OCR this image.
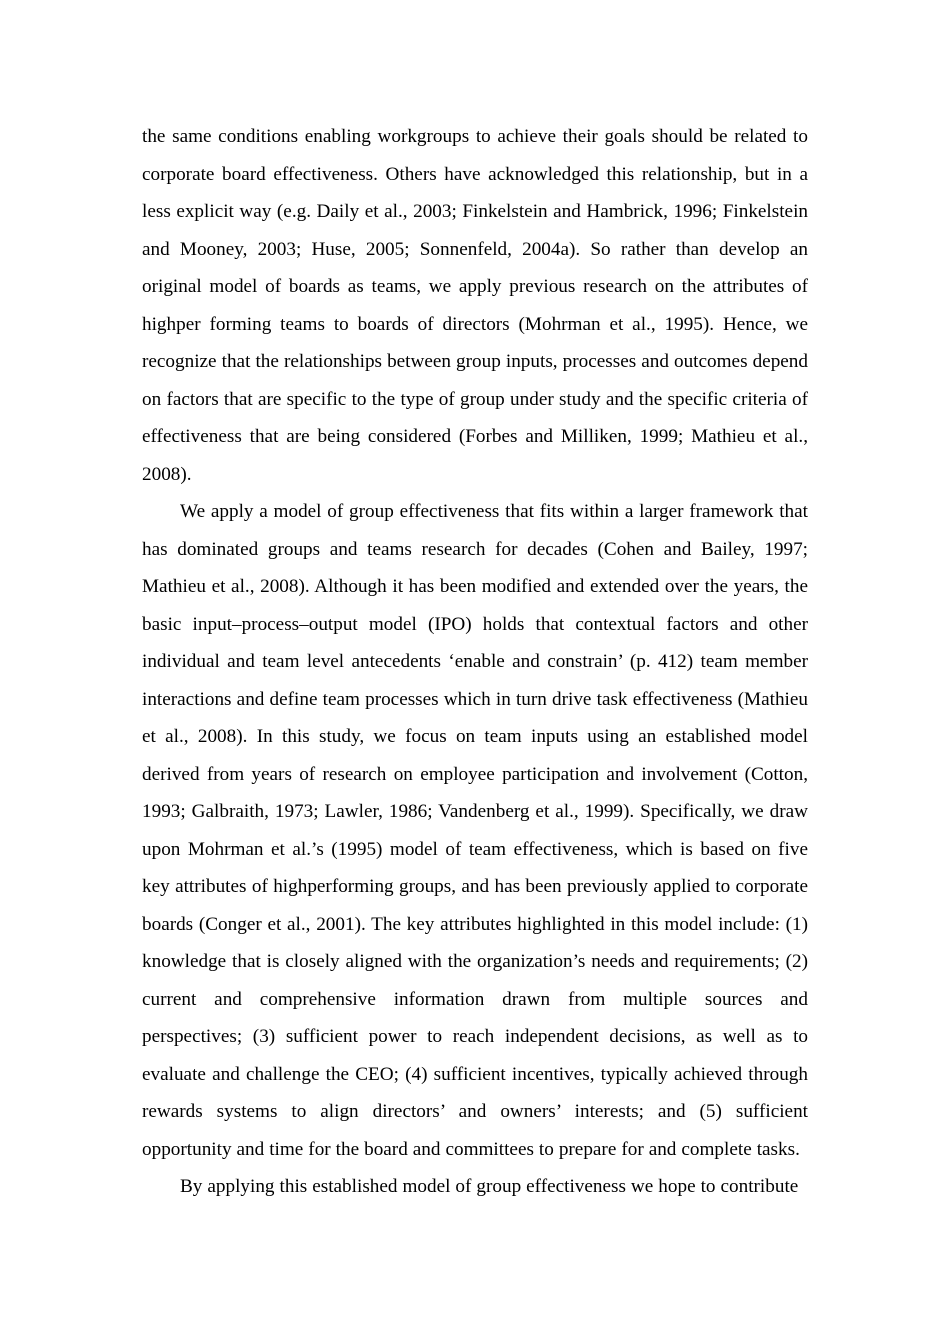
the same conditions enabling workgroups to achieve their goals should be related to corporate board effectiveness. Others have acknowledged this relationship, but in a less explicit way (e.g. Daily et al., 2003; Finkelstein and Hambrick, 1996; Finkelstein and Mooney, 2003; Huse, 2005; Sonnenfeld, 2004a). So rather than develop an original model of boards as teams, we apply previous research on the attributes of highper forming teams to boards of directors (Mohrman et al., 1995). Hence, we recognize that the relationships between group inputs, processes and outcomes depend on factors that are specific to the type of group under study and the specific criteria of effectiveness that are being considered (Forbes and Milliken, 1999; Mathieu et al., 2008).

We apply a model of group effectiveness that fits within a larger framework that has dominated groups and teams research for decades (Cohen and Bailey, 1997; Mathieu et al., 2008). Although it has been modified and extended over the years, the basic input–process–output model (IPO) holds that contextual factors and other individual and team level antecedents ‘enable and constrain’ (p. 412) team member interactions and define team processes which in turn drive task effectiveness (Mathieu et al., 2008). In this study, we focus on team inputs using an established model derived from years of research on employee participation and involvement (Cotton, 1993; Galbraith, 1973; Lawler, 1986; Vandenberg et al., 1999). Specifically, we draw upon Mohrman et al.’s (1995) model of team effectiveness, which is based on five key attributes of highperforming groups, and has been previously applied to corporate boards (Conger et al., 2001). The key attributes highlighted in this model include: (1) knowledge that is closely aligned with the organization’s needs and requirements; (2) current and comprehensive information drawn from multiple sources and perspectives; (3) sufficient power to reach independent decisions, as well as to evaluate and challenge the CEO; (4) sufficient incentives, typically achieved through rewards systems to align directors’ and owners’ interests; and (5) sufficient opportunity and time for the board and committees to prepare for and complete tasks.

By applying this established model of group effectiveness we hope to contribute
